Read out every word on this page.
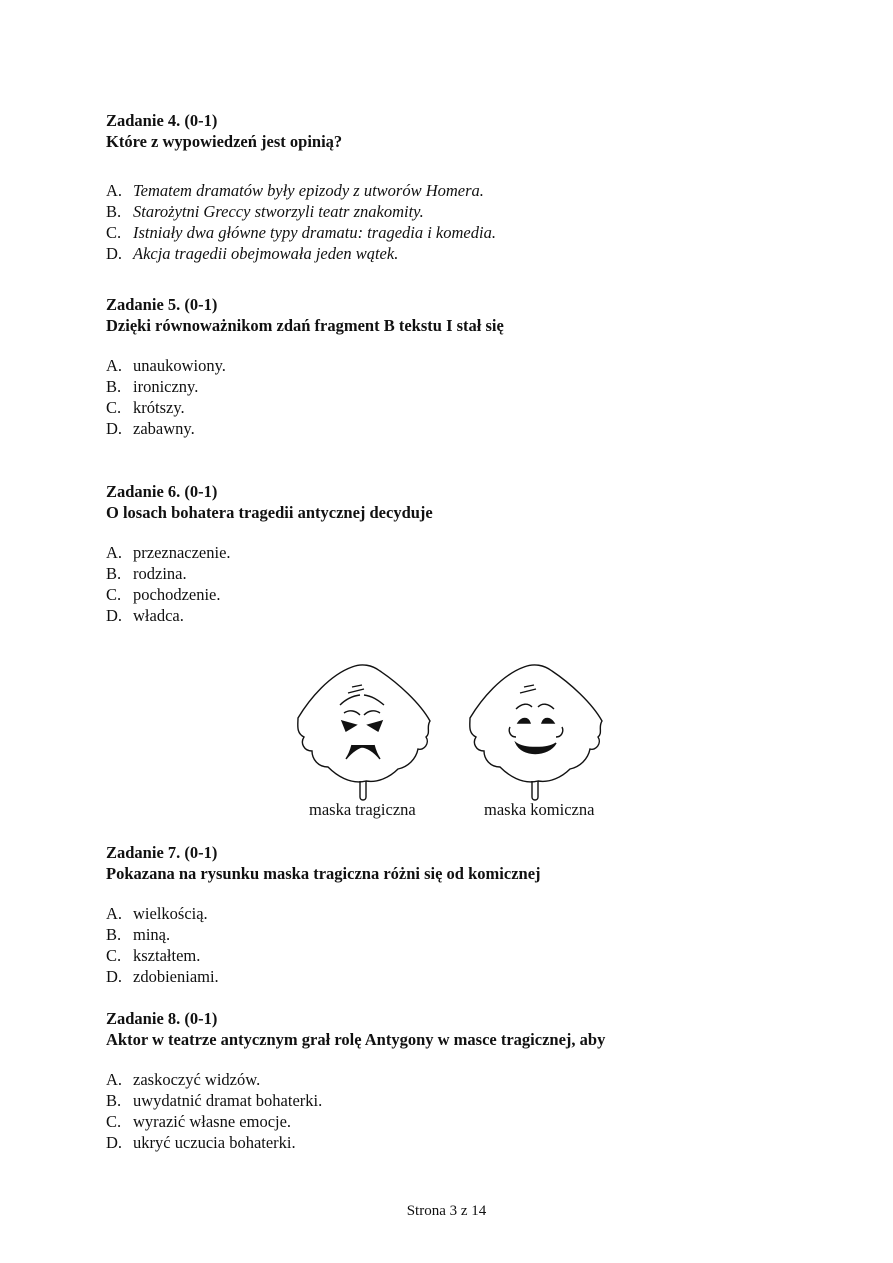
Zadanie 4. (0-1)

Które z wypowiedzeń jest opinią?

A. Tematem dramatów były epizody z utworów Homera.
B. Starożytni Greccy stworzyli teatr znakomity.
C. Istniały dwa główne typy dramatu: tragedia i komedia.
D. Akcja tragedii obejmowała jeden wątek.

Zadanie 5. (0-1)

Dzięki równoważnikom zdań fragment B tekstu I stał się

A. unaukowiony.
B. ironiczny.
C. krótszy.
D. zabawny.

Zadanie 6. (0-1)

O losach bohatera tragedii antycznej decyduje

A. przeznaczenie.
B. rodzina.
C. pochodzenie.
D. władca.
maska tragiczna	maska komiczna

Zadanie 7. (0-1)

Pokazana na rysunku maska tragiczna różni się od komicznej

A. wielkością.
B. miną.
C. kształtem.
D. zdobieniami.

Zadanie 8. (0-1)

Aktor w teatrze antycznym grał rolę Antygony w masce tragicznej, aby

A. zaskoczyć widzów.
B. uwydatnić dramat bohaterki.
C. wyrazić własne emocje.
D. ukryć uczucia bohaterki.
Strona 3 z 14
